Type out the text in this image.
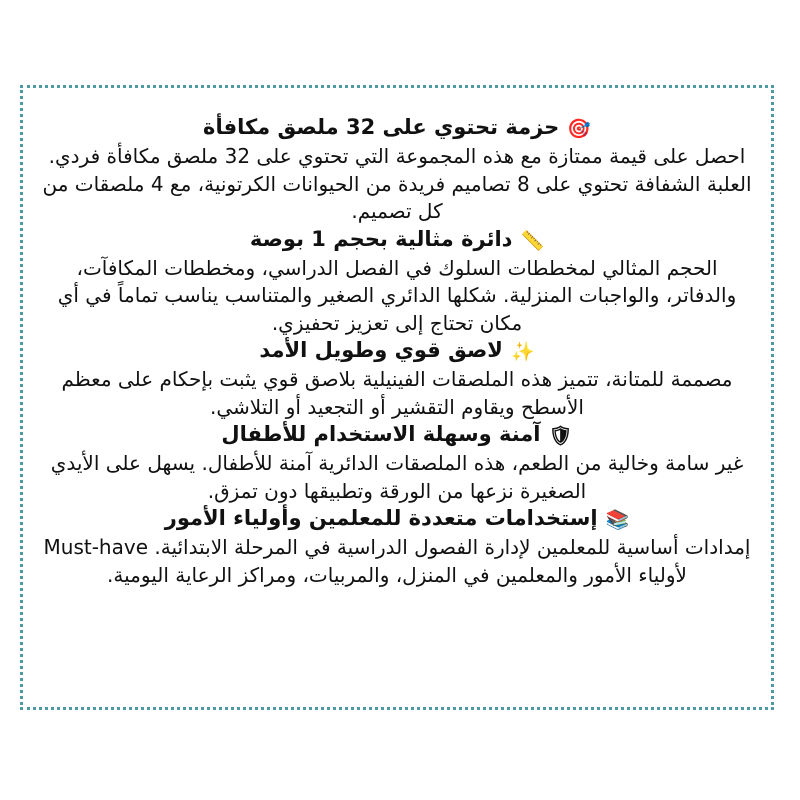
🎯حزمة تحتوي على 32 ملصق مكافأة

احصل على قيمة ممتازة مع هذه المجموعة التي تحتوي على 32 ملصق مكافأة فردي. العلبة الشفافة تحتوي على 8 تصاميم فريدة من الحيوانات الكرتونية، مع 4 ملصقات من كل تصميم.

📏دائرة مثالية بحجم 1 بوصة

الحجم المثالي لمخططات السلوك في الفصل الدراسي، ومخططات المكافآت، والدفاتر، والواجبات المنزلية. شكلها الدائري الصغير والمتناسب يناسب تماماً في أي مكان تحتاج إلى تعزيز تحفيزي.

✨لاصق قوي وطويل الأمد

مصممة للمتانة، تتميز هذه الملصقات الفينيلية بلاصق قوي يثبت بإحكام على معظم الأسطح ويقاوم التقشير أو التجعيد أو التلاشي.

🛡آمنة وسهلة الاستخدام للأطفال

غير سامة وخالية من الطعم، هذه الملصقات الدائرية آمنة للأطفال. يسهل على الأيدي الصغيرة نزعها من الورقة وتطبيقها دون تمزق.

📚إستخدامات متعددة للمعلمين وأولياء الأمور

إمدادات أساسية للمعلمين لإدارة الفصول الدراسية في المرحلة الابتدائية. Must-have لأولياء الأمور والمعلمين في المنزل، والمربيات، ومراكز الرعاية اليومية.
